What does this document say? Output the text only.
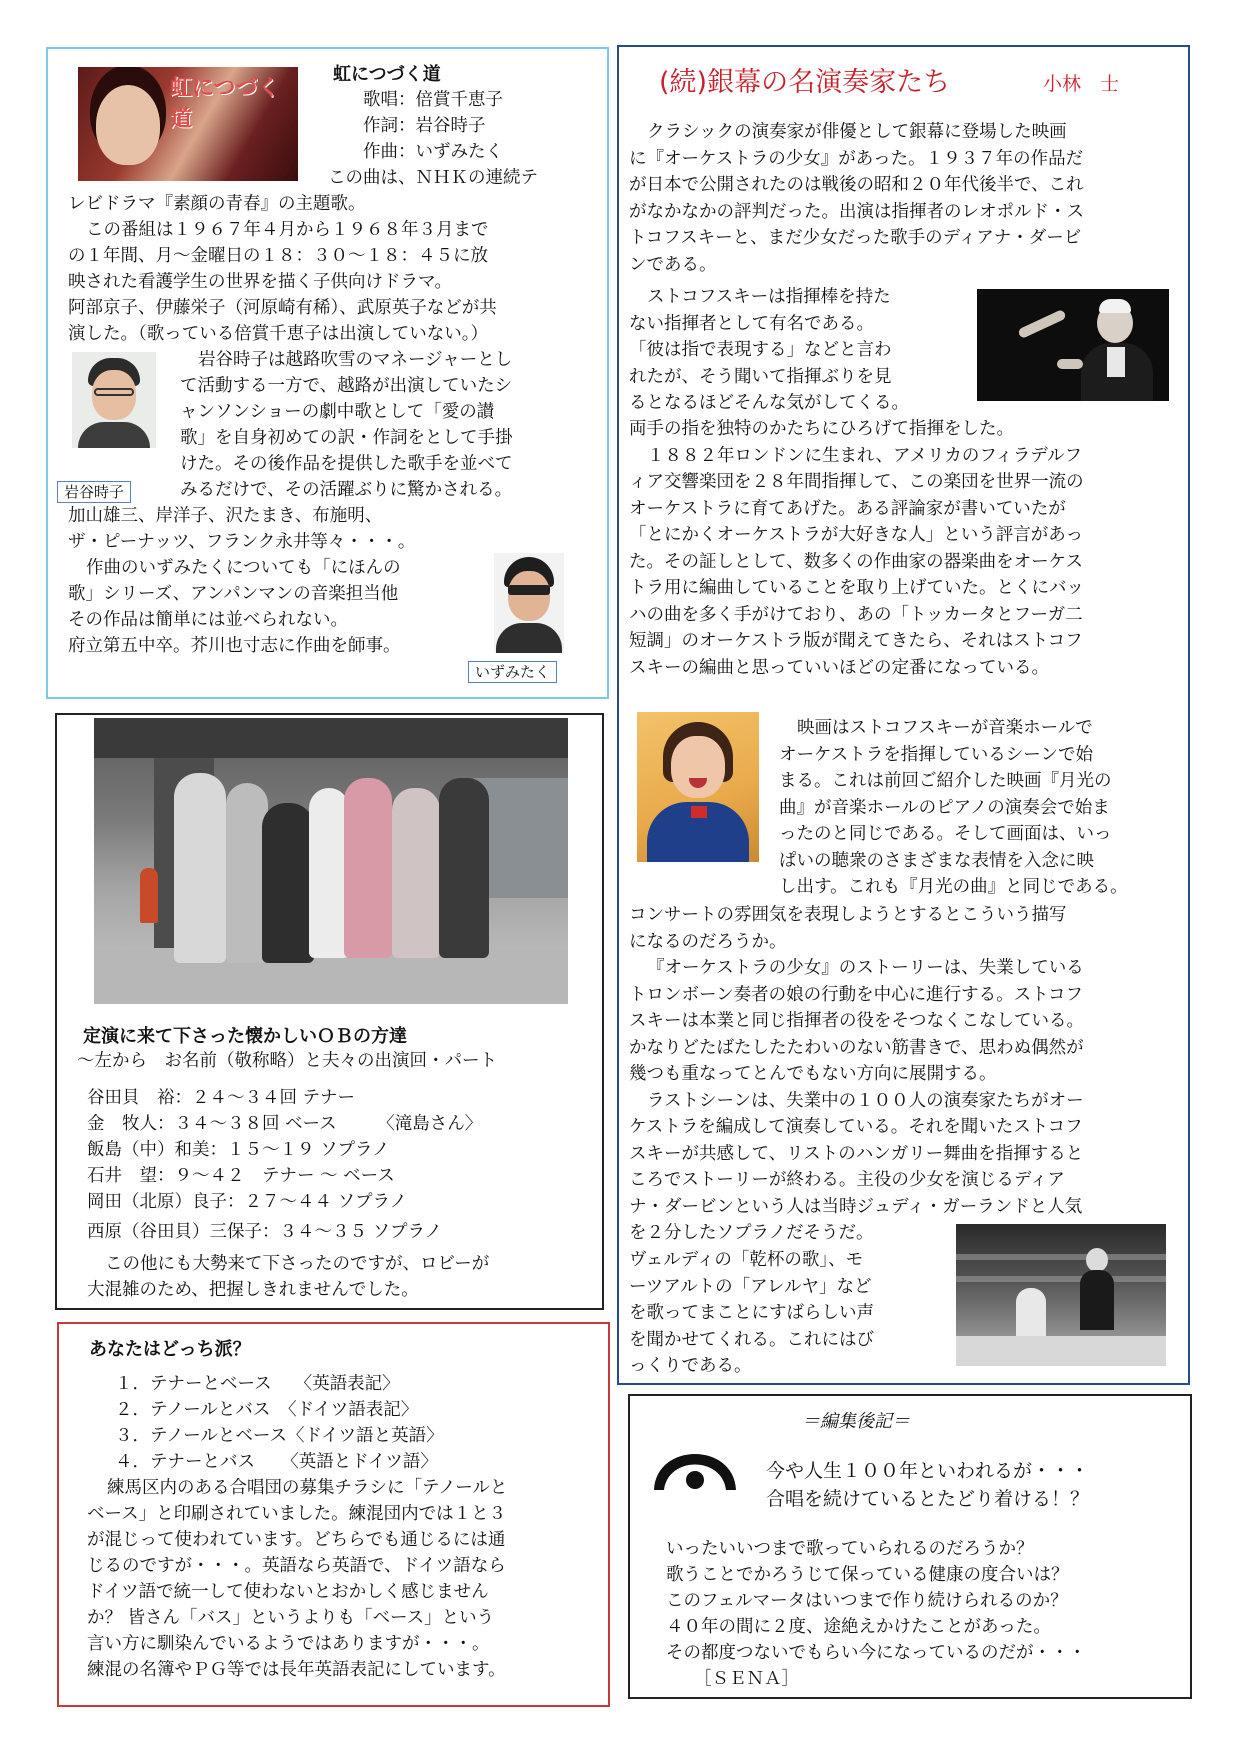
虹につづく道
虹につづく道
歌唱：倍賞千恵子
作詞：岩谷時子
作曲：いずみたく
この曲は、ＮＨＫの連続テ
レビドラマ『素顔の青春』の主題歌。
この番組は１９６７年４月から１９６８年３月まで
の１年間、月～金曜日の１８：３０～１８：４５に放
映された看護学生の世界を描く子供向けドラマ。
阿部京子、伊藤栄子（河原崎有稀）、武原英子などが共
演した。（歌っている倍賞千恵子は出演していない。）
岩谷時子
岩谷時子は越路吹雪のマネージャーとし
て活動する一方で、越路が出演していたシ
ャンソンショーの劇中歌として「愛の讃
歌」を自身初めての訳・作詞をとして手掛
けた。その後作品を提供した歌手を並べて
みるだけで、その活躍ぶりに驚かされる。
加山雄三、岸洋子、沢たまき、布施明、
ザ・ピーナッツ、フランク永井等々・・・。
作曲のいずみたくについても「にほんの
歌」シリーズ、アンパンマンの音楽担当他
その作品は簡単には並べられない。
府立第五中卒。芥川也寸志に作曲を師事。
いずみたく
定演に来て下さった懐かしいＯＢの方達
～左から　お名前（敬称略）と夫々の出演回・パート
谷田貝　裕：２４～３４回 テナー
金　牧人：３４～３８回 ベース　　 〈滝島さん〉
飯島（中）和美：１５～１９ ソプラノ
石井　望：９～４２　テナー ～ ベース
岡田（北原）良子：２７～４４ ソプラノ
西原（谷田貝）三保子：３４～３５ ソプラノ
この他にも大勢来て下さったのですが、ロビーが
大混雑のため、把握しきれませんでした。
あなたはどっち派？
１．テナーとベース　 〈英語表記〉
２．テノールとバス　〈ドイツ語表記〉
３．テノールとベース〈ドイツ語と英語〉
４．テナーとバス　　〈英語とドイツ語〉
練馬区内のある合唱団の募集チラシに「テノールと
ベース」と印刷されていました。練混団内では１と３
が混じって使われています。どちらでも通じるには通
じるのですが・・・。英語なら英語で、ドイツ語なら
ドイツ語で統一して使わないとおかしく感じません
か？ 皆さん「バス」というよりも「ベース」という
言い方に馴染んでいるようではありますが・・・。
練混の名簿やＰＧ等では長年英語表記にしています。
(続)銀幕の名演奏家たち	小林　士
クラシックの演奏家が俳優として銀幕に登場した映画
に『オーケストラの少女』があった。１９３７年の作品だ
が日本で公開されたのは戦後の昭和２０年代後半で、これ
がなかなかの評判だった。出演は指揮者のレオポルド・ス
トコフスキーと、まだ少女だった歌手のディアナ・ダービ
ンである。
ストコフスキーは指揮棒を持た
ない指揮者として有名である。
「彼は指で表現する」などと言わ
れたが、そう聞いて指揮ぶりを見
るとなるほどそんな気がしてくる。
両手の指を独特のかたちにひろげて指揮をした。
１８８２年ロンドンに生まれ、アメリカのフィラデルフ
ィア交響楽団を２８年間指揮して、この楽団を世界一流の
オーケストラに育てあげた。ある評論家が書いていたが
「とにかくオーケストラが大好きな人」という評言があっ
た。その証しとして、数多くの作曲家の器楽曲をオーケス
トラ用に編曲していることを取り上げていた。とくにバッ
ハの曲を多く手がけており、あの「トッカータとフーガ二
短調」のオーケストラ版が聞えてきたら、それはストコフ
スキーの編曲と思っていいほどの定番になっている。
映画はストコフスキーが音楽ホールで
オーケストラを指揮しているシーンで始
まる。これは前回ご紹介した映画『月光の
曲』が音楽ホールのピアノの演奏会で始ま
ったのと同じである。そして画面は、いっ
ぱいの聴衆のさまざまな表情を入念に映
し出す。これも『月光の曲』と同じである。
コンサートの雰囲気を表現しようとするとこういう描写
になるのだろうか。
『オーケストラの少女』のストーリーは、失業している
トロンボーン奏者の娘の行動を中心に進行する。ストコフ
スキーは本業と同じ指揮者の役をそつなくこなしている。
かなりどたばたしたたわいのない筋書きで、思わぬ偶然が
幾つも重なってとんでもない方向に展開する。
ラストシーンは、失業中の１００人の演奏家たちがオー
ケストラを編成して演奏している。それを聞いたストコフ
スキーが共感して、リストのハンガリー舞曲を指揮すると
ころでストーリーが終わる。主役の少女を演じるディア
ナ・ダービンという人は当時ジュディ・ガーランドと人気
を２分したソプラノだそうだ。
ヴェルディの「乾杯の歌」、モ
ーツアルトの「アレルヤ」など
を歌ってまことにすばらしい声
を聞かせてくれる。これにはび
っくりである。
＝編集後記＝
今や人生１００年といわれるが・・・
合唱を続けているとたどり着ける！？
いったいいつまで歌っていられるのだろうか？
歌うことでかろうじて保っている健康の度合いは？
このフェルマータはいつまで作り続けられるのか？
４０年の間に２度、途絶えかけたことがあった。
その都度つないでもらい今になっているのだが・・・
［ＳＥＮＡ］
